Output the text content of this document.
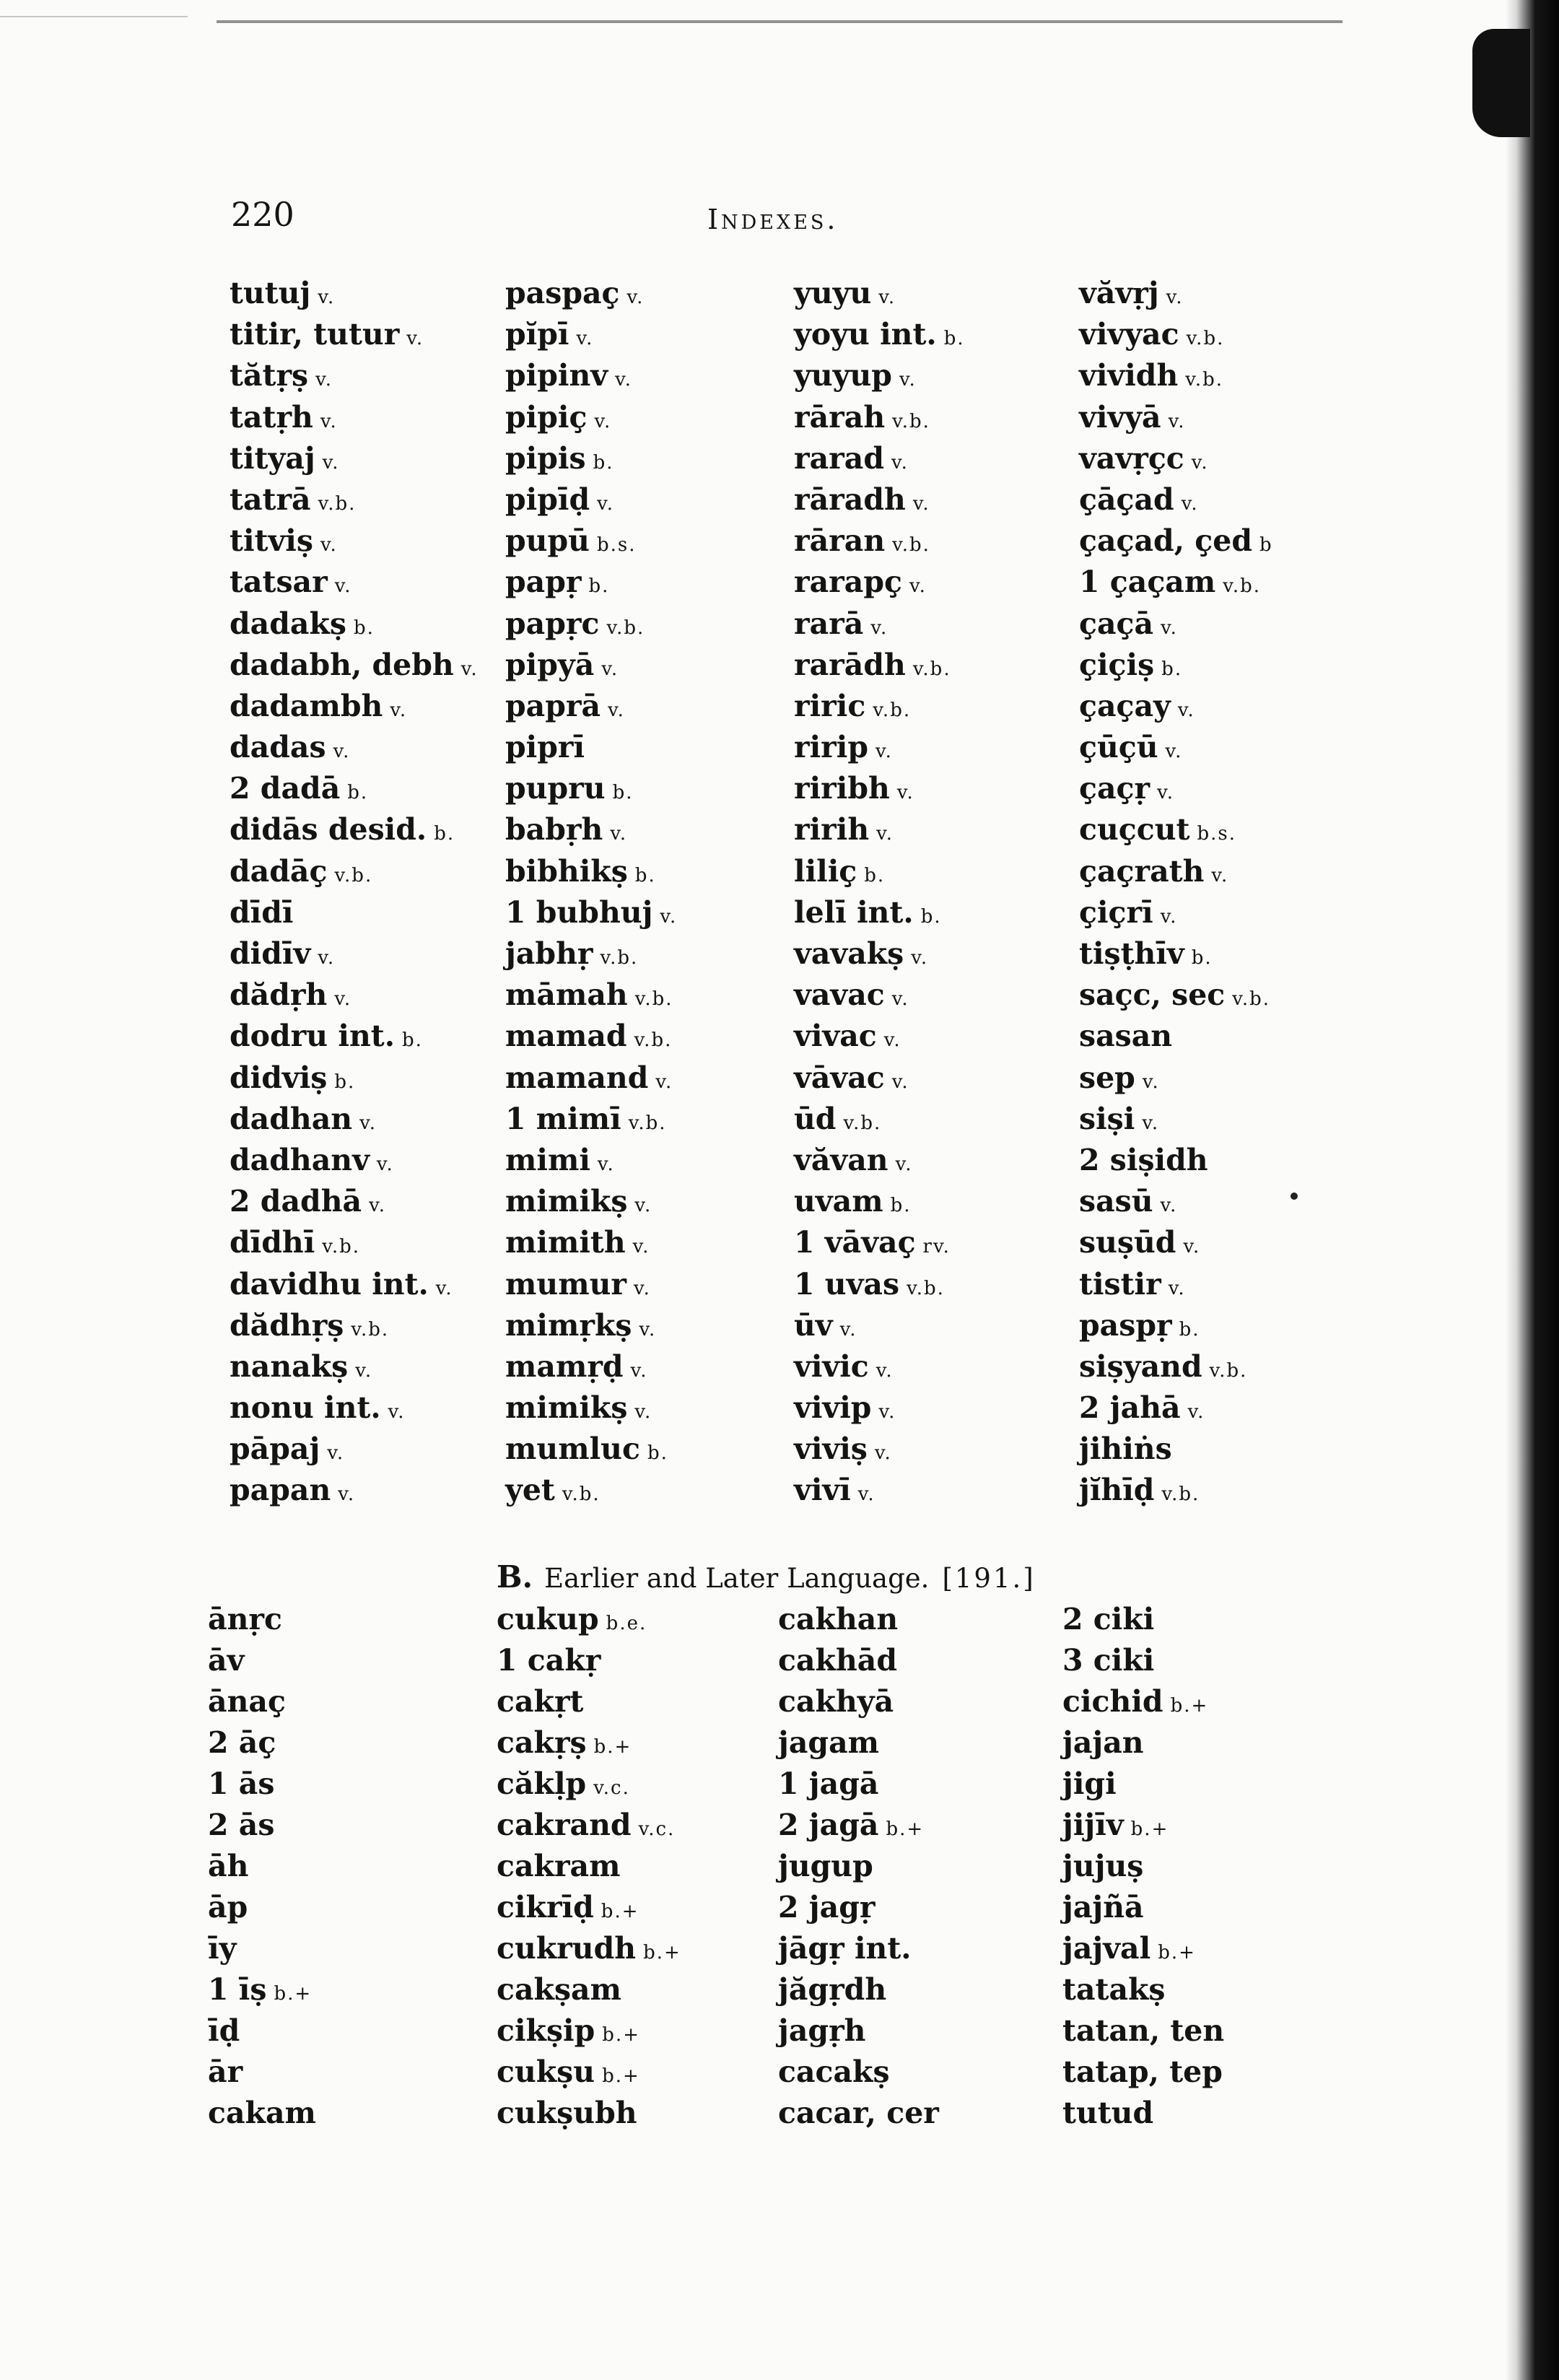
220	Indexes.
tutuj v.
titir, tutur v.
tătṛṣ v.
tatṛh v.
tityaj v.
tatrā v.b.
titviṣ v.
tatsar v.
dadakṣ b.
dadabh, debh v.
dadambh v.
dadas v.
2 dadā b.
didās desid. b.
dadāç v.b.
dīdī
didīv v.
dădṛh v.
dodru int. b.
didviṣ b.
dadhan v.
dadhanv v.
2 dadhā v.
dīdhī v.b.
davidhu int. v.
dădhṛṣ v.b.
nanakṣ v.
nonu int. v.
pāpaj v.
papan v.
paspaç v.
pĭpī v.
pipinv v.
pipiç v.
pipis b.
pipīḍ v.
pupū b.s.
papṛ b.
papṛc v.b.
pipyā v.
paprā v.
piprī
pupru b.
babṛh v.
bibhikṣ b.
1 bubhuj v.
jabhṛ v.b.
māmah v.b.
mamad v.b.
mamand v.
1 mimī v.b.
mimi v.
mimikṣ v.
mimith v.
mumur v.
mimṛkṣ v.
mamṛḍ v.
mimikṣ v.
mumluc b.
yet v.b.
yuyu v.
yoyu int. b.
yuyup v.
rārah v.b.
rarad v.
rāradh v.
rāran v.b.
rarapç v.
rarā v.
rarādh v.b.
riric v.b.
ririp v.
riribh v.
ririh v.
liliç b.
lelī int. b.
vavakṣ v.
vavac v.
vivac v.
vāvac v.
ūd v.b.
văvan v.
uvam b.
1 vāvaç rv.
1 uvas v.b.
ūv v.
vivic v.
vivip v.
viviṣ v.
vivī v.
văvṛj v.
vivyac v.b.
vividh v.b.
vivyā v.
vavṛçc v.
çāçad v.
çaçad, çed b
1 çaçam v.b.
çaçā v.
çiçiṣ b.
çaçay v.
çūçū v.
çaçṛ v.
cuçcut b.s.
çaçrath v.
çiçrī v.
tiṣṭhīv b.
saçc, sec v.b.
sasan
sep v.
siṣi v.
2 siṣidh
sasū v.
suṣūd v.
tistir v.
paspṛ b.
siṣyand v.b.
2 jahā v.
jihiṅs
jĭhīḍ v.b.
B. Earlier and Later Language. [191.]
ānṛc
āv
ānaç
2 āç
1 ās
2 ās
āh
āp
īy
1 īṣ b.+
īḍ
ār
cakam
cukup b.e.
1 cakṛ
cakṛt
cakṛṣ b.+
căkḷp v.c.
cakrand v.c.
cakram
cikrīḍ b.+
cukrudh b.+
cakṣam
cikṣip b.+
cukṣu b.+
cukṣubh
cakhan
cakhād
cakhyā
jagam
1 jagā
2 jagā b.+
jugup
2 jagṛ
jāgṛ int.
jăgṛdh
jagṛh
cacakṣ
cacar, cer
2 ciki
3 ciki
cichid b.+
jajan
jigi
jijīv b.+
jujuṣ
jajñā
jajval b.+
tatakṣ
tatan, ten
tatap, tep
tutud
